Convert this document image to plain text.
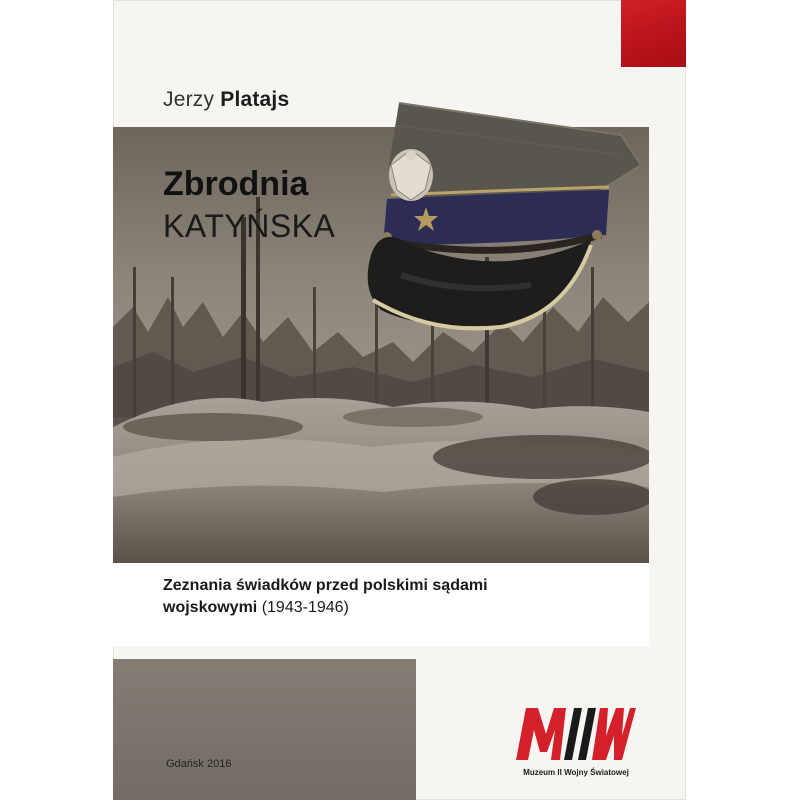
Jerzy Platajs
Zbrodnia
KATYŃSKA
Zeznania świadków przed polskimi sądami wojskowymi (1943-1946)
Gdańsk 2016
Muzeum II Wojny Światowej
